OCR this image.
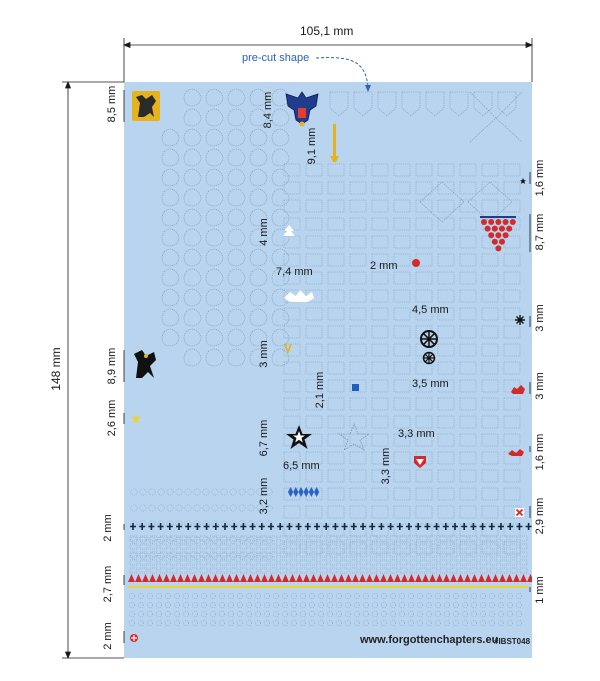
www.forgottenchapters.eu
#IBST048
105,1 mm
148 mm
pre-cut shape
8,5 mm	8,4 mm
9,1 mm
1,6 mm
8,7 mm
4 mm
2 mm
7,4 mm
4,5 mm	3 mm
3 mm
8,9 mm
2,1 mm	3,5 mm	3 mm
2,6 mm
6,7 mm	3,3 mm
3,3 mm	1,6 mm
6,5 mm
3,2 mm
2,9 mm
2 mm
2,7 mm	1 mm
2 mm
